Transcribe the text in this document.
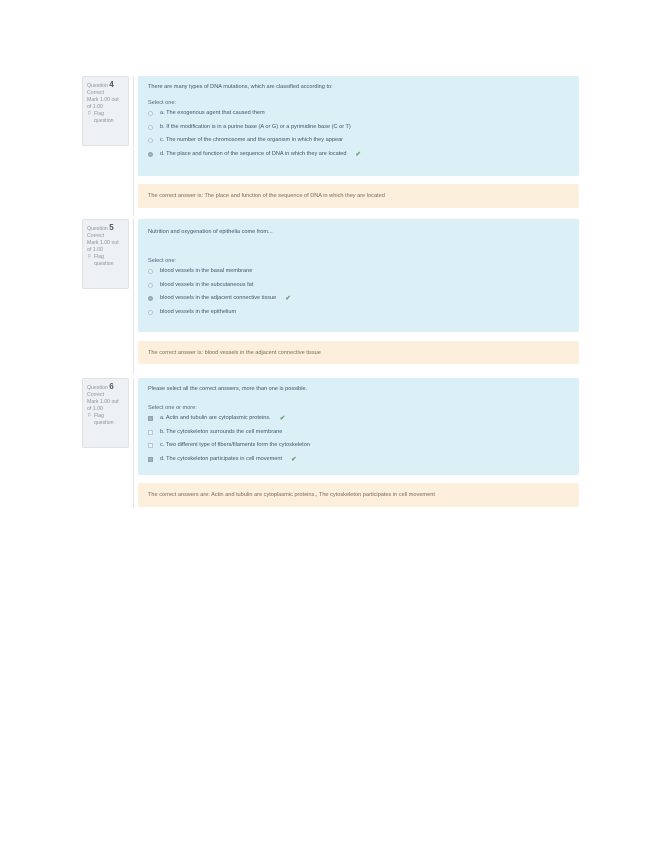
Question 4
Correct
Mark 1.00 out of 1.00
⚐ Flag question
There are many types of DNA mutations, which are classified according to:
Select one:
a. The exogenous agent that caused them
b. If the modification is in a purine base (A or G) or a pyrimidine base (C or T)
c. The number of the chromosome and the organism in which they appear
d. The place and function of the sequence of DNA in which they are located ✔
The correct answer is: The place and function of the sequence of DNA in which they are located
Question 5
Correct
Mark 1.00 out of 1.00
⚐ Flag question
Nutrition and oxygenation of epithelia come from...
Select one:
blood vessels in the basal membrane
blood vessels in the subcutaneous fat
blood vessels in the adjacent connective tissue ✔
blood vessels in the epithelium
The correct answer is: blood vessels in the adjacent connective tissue
Question 6
Correct
Mark 1.00 out of 1.00
⚐ Flag question
Please select all the correct answers, more than one is possible.
Select one or more:
a. Actin and tubulin are cytoplasmic proteins. ✔
b. The cytoskeleton surrounds the cell membrane
c. Two different type of fibers/filaments form the cytoskeleton
d. The cytoskeleton participates in cell movement ✔
The correct answers are: Actin and tubulin are cytoplasmic proteins., The cytoskeleton participates in cell movement
